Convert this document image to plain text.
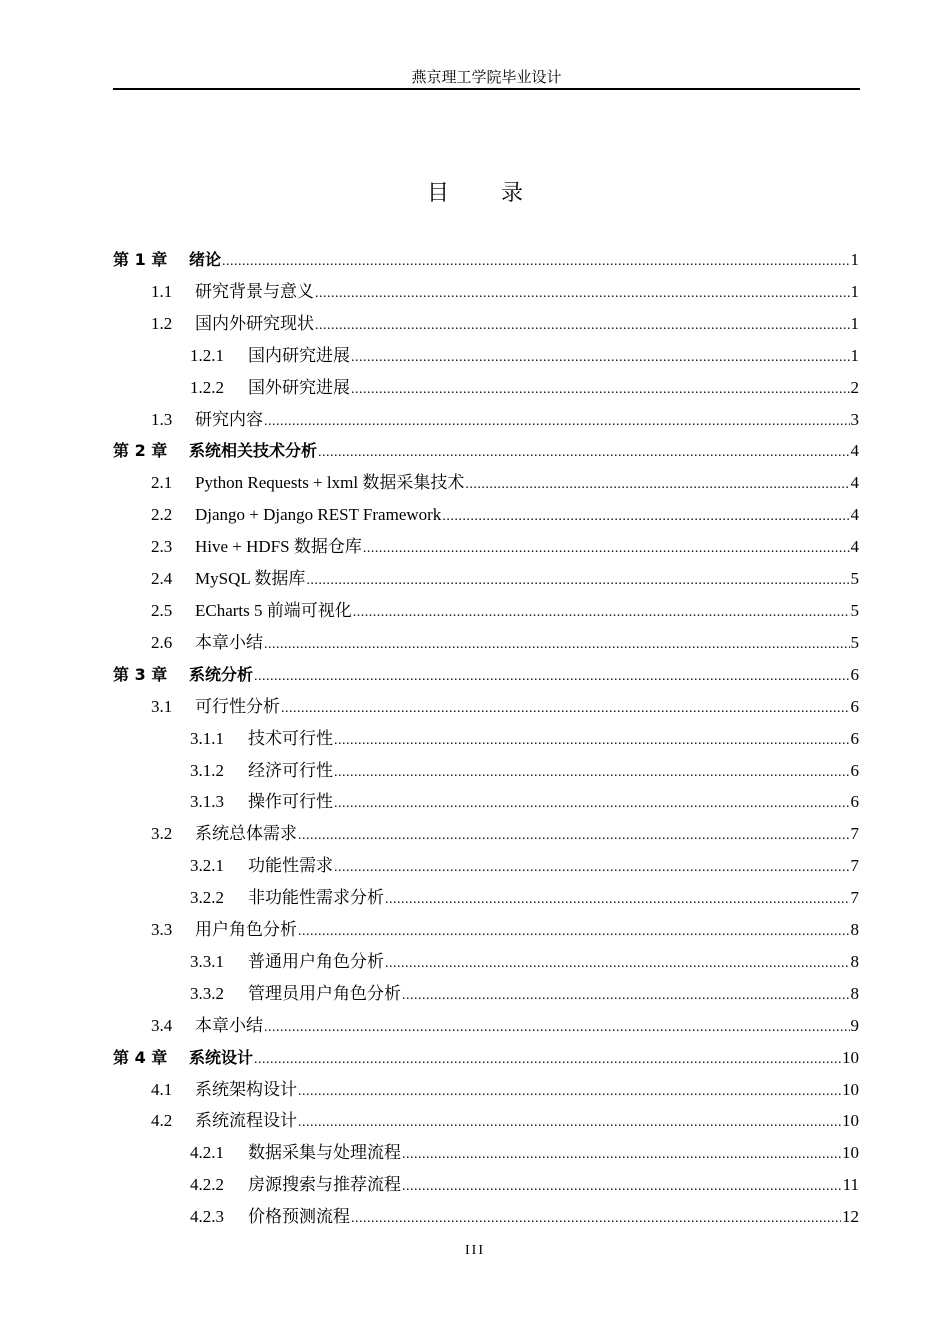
燕京理工学院毕业设计
目 录
第 1 章	绪论 .....	1
1.1	研究背景与意义 .....	1
1.2	国内外研究现状 .....	1
1.2.1	国内研究进展 .....	1
1.2.2	国外研究进展 .....	2
1.3	研究内容 .....	3
第 2 章	系统相关技术分析 .....	4
2.1	Python Requests + lxml 数据采集技术 .....	4
2.2	Django + Django REST Framework .....	4
2.3	Hive + HDFS 数据仓库 .....	4
2.4	MySQL 数据库 .....	5
2.5	ECharts 5 前端可视化 .....	5
2.6	本章小结 .....	5
第 3 章	系统分析 .....	6
3.1	可行性分析 .....	6
3.1.1	技术可行性 .....	6
3.1.2	经济可行性 .....	6
3.1.3	操作可行性 .....	6
3.2	系统总体需求 .....	7
3.2.1	功能性需求 .....	7
3.2.2	非功能性需求分析 .....	7
3.3	用户角色分析 .....	8
3.3.1	普通用户角色分析 .....	8
3.3.2	管理员用户角色分析 .....	8
3.4	本章小结 .....	9
第 4 章	系统设计 .....	10
4.1	系统架构设计 .....	10
4.2	系统流程设计 .....	10
4.2.1	数据采集与处理流程 .....	10
4.2.2	房源搜索与推荐流程 .....	11
4.2.3	价格预测流程 .....	12
III
